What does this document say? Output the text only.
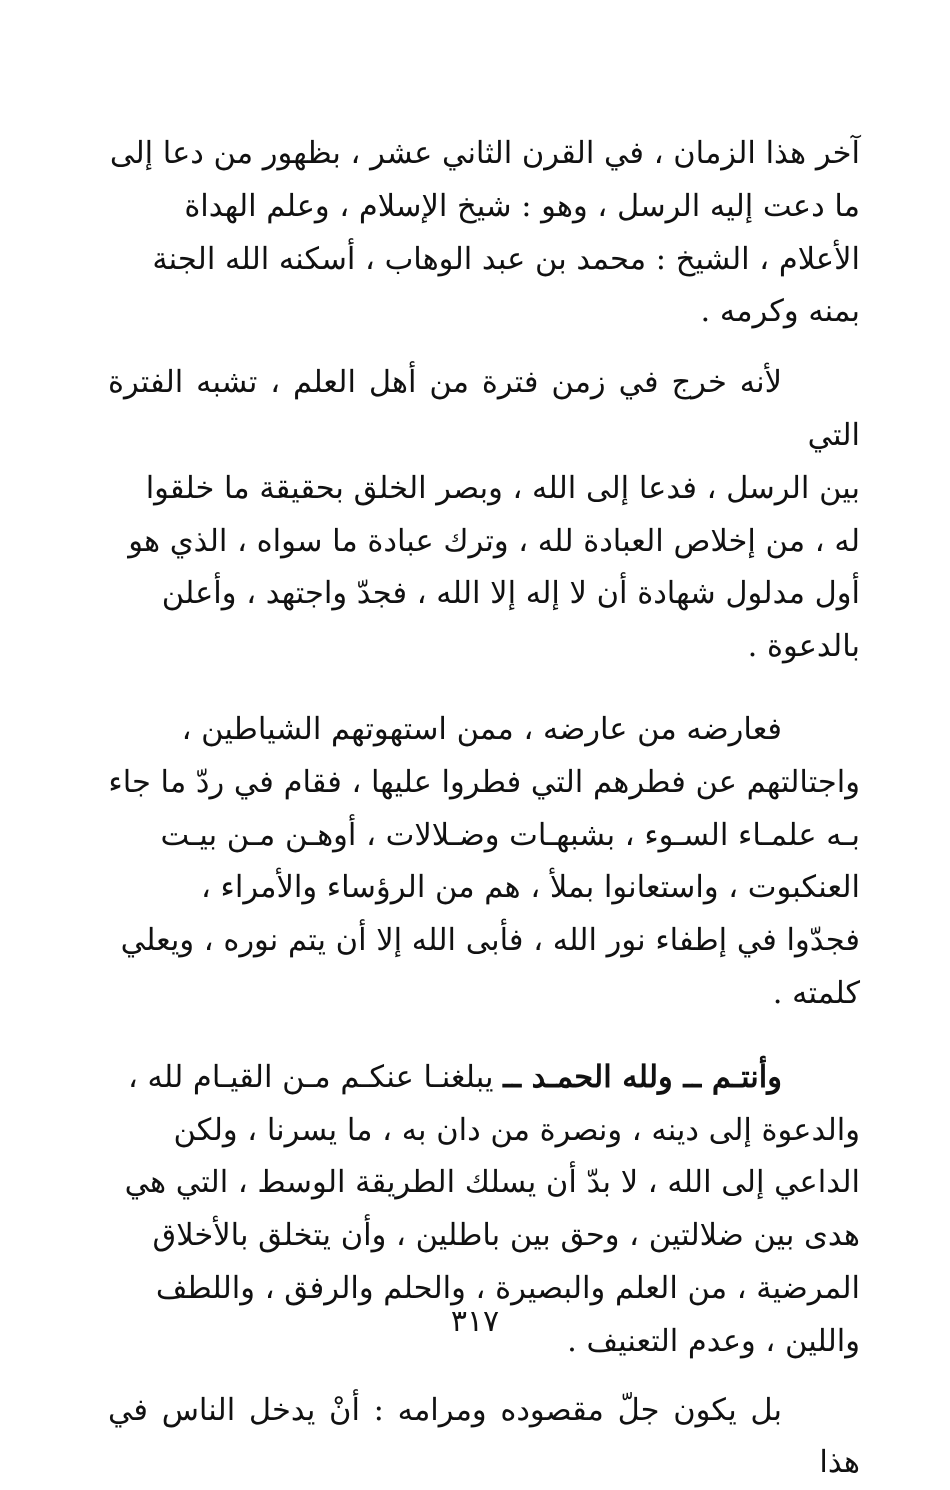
آخر هذا الزمان ، في القرن الثاني عشر ، بظهور من دعا إلى
ما دعت إليه الرسل ، وهو : شيخ الإسلام ، وعلم الهداة
الأعلام ، الشيخ : محمد بن عبد الوهاب ، أسكنه الله الجنة
بمنه وكرمه .

لأنه خرج في زمن فترة من أهل العلم ، تشبه الفترة التي
بين الرسل ، فدعا إلى الله ، وبصر الخلق بحقيقة ما خلقوا
له ، من إخلاص العبادة لله ، وترك عبادة ما سواه ، الذي هو
أول مدلول شهادة أن لا إله إلا الله ، فجدّ واجتهد ، وأعلن
بالدعوة .

فعارضه من عارضه ، ممن استهوتهم الشياطين ،
واجتالتهم عن فطرهم التي فطروا عليها ، فقام في ردّ ما جاء
بـه علمـاء السـوء ، بشبهـات وضـلالات ، أوهـن مـن بيـت
العنكبوت ، واستعانوا بملأ ، هم من الرؤساء والأمراء ،
فجدّوا في إطفاء نور الله ، فأبى الله إلا أن يتم نوره ، ويعلي
كلمته .

وأنتـم ــ ولله الحمـد ــ يبلغنـا عنكـم مـن القيـام لله ،
والدعوة إلى دينه ، ونصرة من دان به ، ما يسرنا ، ولكن
الداعي إلى الله ، لا بدّ أن يسلك الطريقة الوسط ، التي هي
هدى بين ضلالتين ، وحق بين باطلين ، وأن يتخلق بالأخلاق
المرضية ، من العلم والبصيرة ، والحلم والرفق ، واللطف
واللين ، وعدم التعنيف .

بل يكون جلّ مقصوده ومرامه : أنْ يدخل الناس في هذا

٣١٧
